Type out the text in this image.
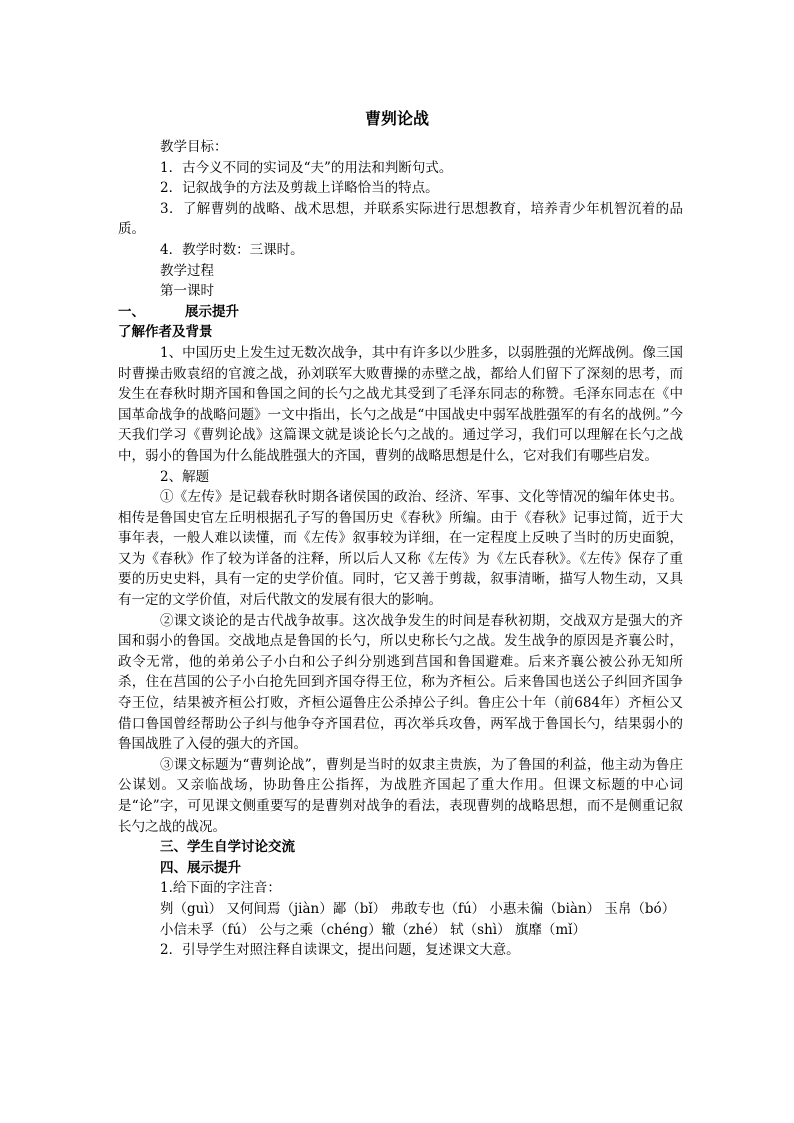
曹刿论战

教学目标：

1．古今义不同的实词及“夫”的用法和判断句式。

2．记叙战争的方法及剪裁上详略恰当的特点。

3．了解曹刿的战略、战术思想，并联系实际进行思想教育，培养青少年机智沉着的品质。

4．教学时数：三课时。

教学过程

第一课时

一、	展示提升

了解作者及背景

1、中国历史上发生过无数次战争，其中有许多以少胜多，以弱胜强的光辉战例。像三国时曹操击败袁绍的官渡之战，孙刘联军大败曹操的赤壁之战，都给人们留下了深刻的思考，而发生在春秋时期齐国和鲁国之间的长勺之战尤其受到了毛泽东同志的称赞。毛泽东同志在《中国革命战争的战略问题》一文中指出，长勺之战是“中国战史中弱军战胜强军的有名的战例。”今天我们学习《曹刿论战》这篇课文就是谈论长勺之战的。通过学习，我们可以理解在长勺之战中，弱小的鲁国为什么能战胜强大的齐国，曹刿的战略思想是什么，它对我们有哪些启发。

2、解题

①《左传》是记载春秋时期各诸侯国的政治、经济、军事、文化等情况的编年体史书。相传是鲁国史官左丘明根据孔子写的鲁国历史《春秋》所编。由于《春秋》记事过简，近于大事年表，一般人难以读懂，而《左传》叙事较为详细，在一定程度上反映了当时的历史面貌，又为《春秋》作了较为详备的注释，所以后人又称《左传》为《左氏春秋》。《左传》保存了重要的历史史料，具有一定的史学价值。同时，它又善于剪裁，叙事清晰，描写人物生动，又具有一定的文学价值，对后代散文的发展有很大的影响。

②课文谈论的是古代战争故事。这次战争发生的时间是春秋初期，交战双方是强大的齐国和弱小的鲁国。交战地点是鲁国的长勺，所以史称长勺之战。发生战争的原因是齐襄公时，政令无常，他的弟弟公子小白和公子纠分别逃到莒国和鲁国避难。后来齐襄公被公孙无知所杀，住在莒国的公子小白抢先回到齐国夺得王位，称为齐桓公。后来鲁国也送公子纠回齐国争夺王位，结果被齐桓公打败，齐桓公逼鲁庄公杀掉公子纠。鲁庄公十年（前684年）齐桓公又借口鲁国曾经帮助公子纠与他争夺齐国君位，再次举兵攻鲁，两军战于鲁国长勺，结果弱小的鲁国战胜了入侵的强大的齐国。

③课文标题为“曹刿论战”，曹刿是当时的奴隶主贵族，为了鲁国的利益，他主动为鲁庄公谋划。又亲临战场，协助鲁庄公指挥，为战胜齐国起了重大作用。但课文标题的中心词是“论”字，可见课文侧重要写的是曹刿对战争的看法，表现曹刿的战略思想，而不是侧重记叙长勺之战的战况。

三、学生自学讨论交流

四、展示提升

1.给下面的字注音：

刿（guì） 又何间焉（jiàn）鄙（bǐ） 弗敢专也（fú） 小惠未徧（biàn） 玉帛（bó）

小信未孚（fú） 公与之乘（chéng）辙（zhé） 轼（shì） 旗靡（mǐ）

2．引导学生对照注释自读课文，提出问题，复述课文大意。
